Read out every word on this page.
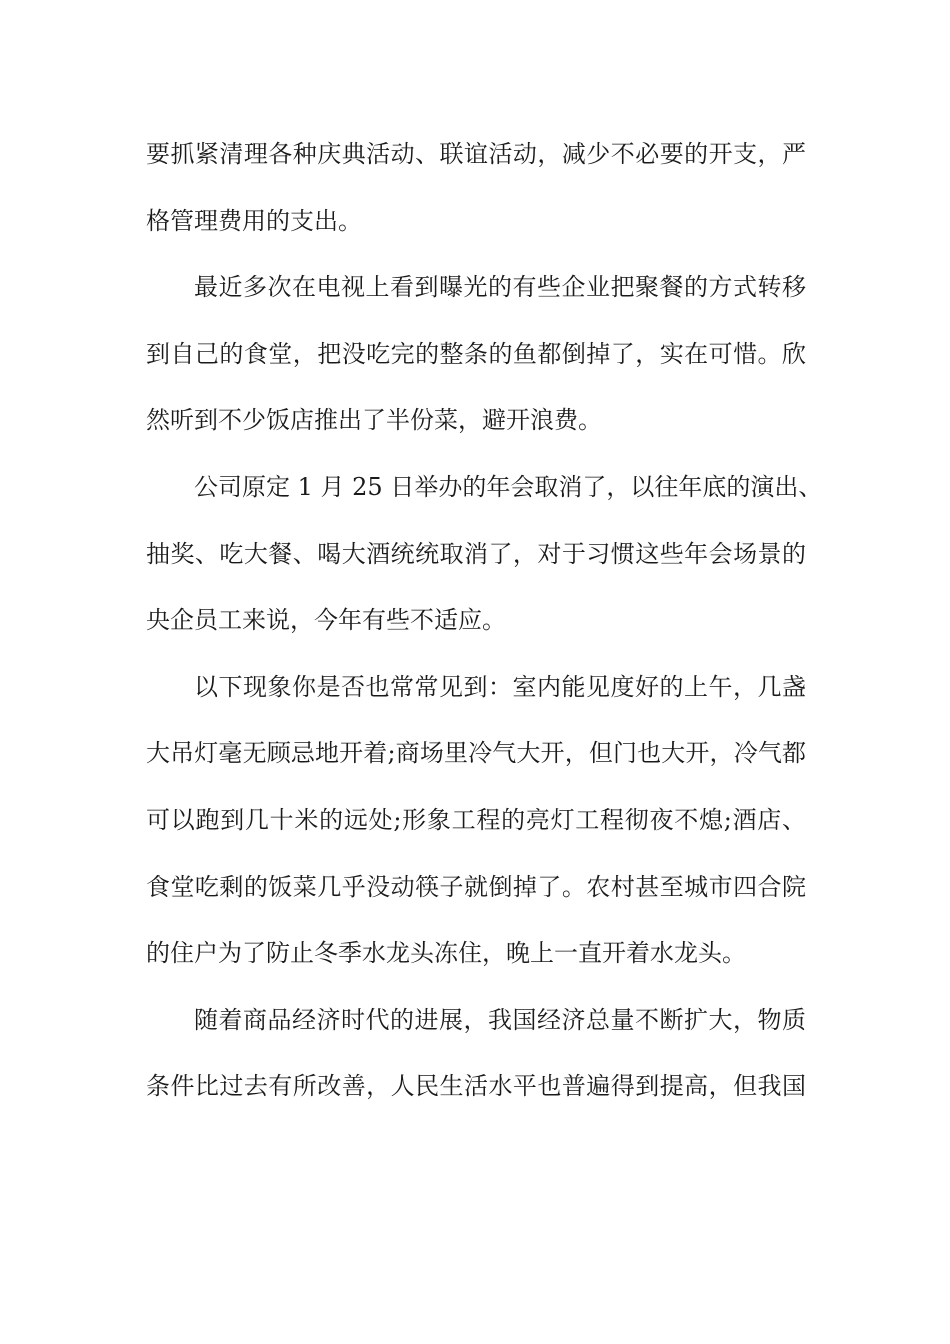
要抓紧清理各种庆典活动、联谊活动，减少不必要的开支，严
格管理费用的支出。
最近多次在电视上看到曝光的有些企业把聚餐的方式转移
到自己的食堂，把没吃完的整条的鱼都倒掉了，实在可惜。欣
然听到不少饭店推出了半份菜，避开浪费。
公司原定 1 月 25 日举办的年会取消了，以往年底的演出、
抽奖、吃大餐、喝大酒统统取消了，对于习惯这些年会场景的
央企员工来说，今年有些不适应。
以下现象你是否也常常见到：室内能见度好的上午，几盏
大吊灯毫无顾忌地开着;商场里冷气大开，但门也大开，冷气都
可以跑到几十米的远处;形象工程的亮灯工程彻夜不熄;酒店、
食堂吃剩的饭菜几乎没动筷子就倒掉了。农村甚至城市四合院
的住户为了防止冬季水龙头冻住，晚上一直开着水龙头。
随着商品经济时代的进展，我国经济总量不断扩大，物质
条件比过去有所改善，人民生活水平也普遍得到提高，但我国
